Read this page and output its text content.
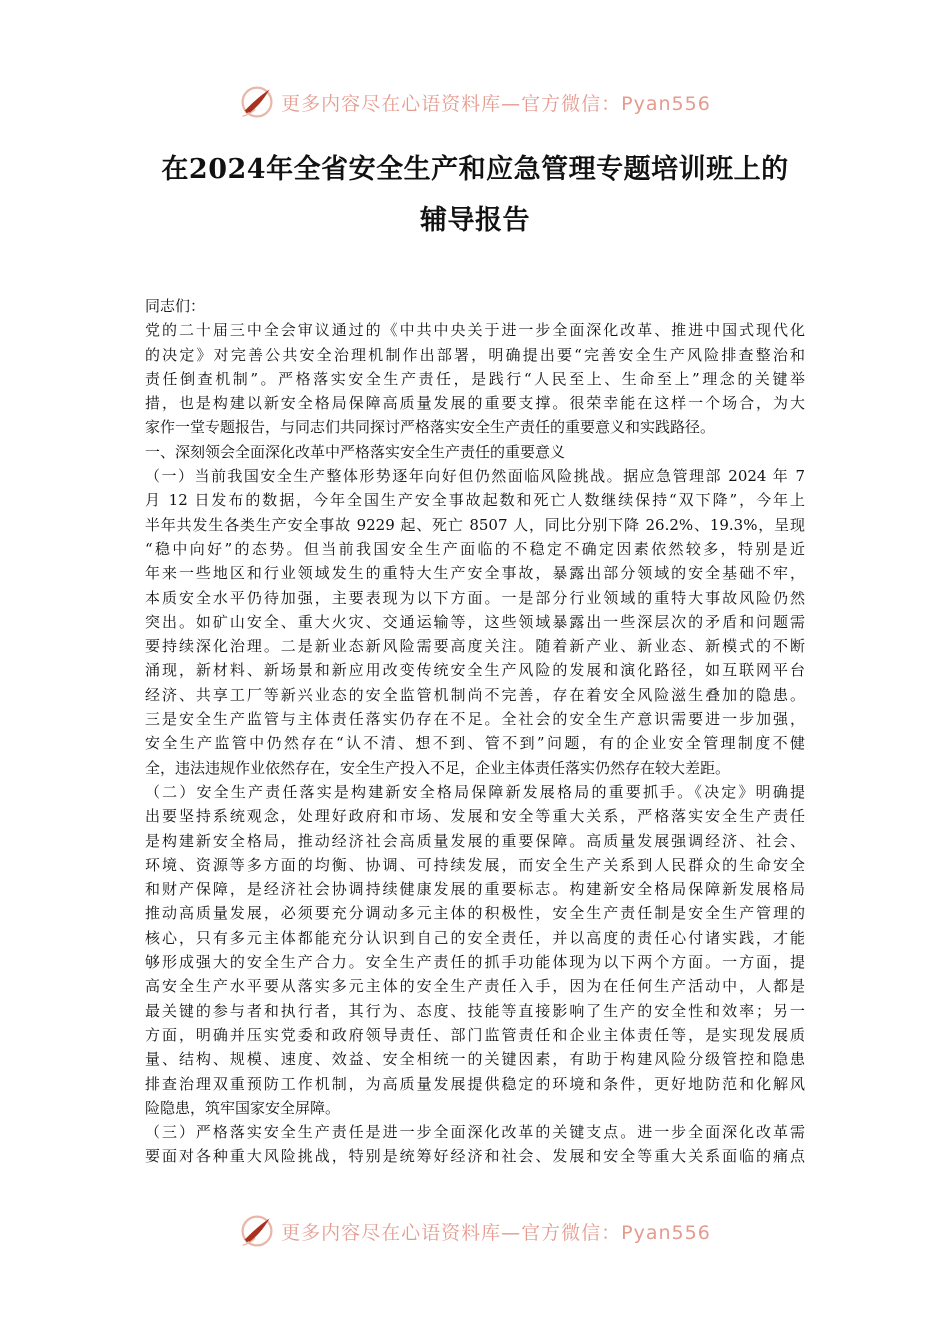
更多内容尽在心语资料库—官方微信：Pyan556
在2024年全省安全生产和应急管理专题培训班上的
辅导报告
同志们：
党的二十届三中全会审议通过的《中共中央关于进一步全面深化改革、推进中国式现代化
的决定》对完善公共安全治理机制作出部署，明确提出要“完善安全生产风险排查整治和
责任倒查机制”。严格落实安全生产责任，是践行“人民至上、生命至上”理念的关键举
措，也是构建以新安全格局保障高质量发展的重要支撑。很荣幸能在这样一个场合，为大
家作一堂专题报告，与同志们共同探讨严格落实安全生产责任的重要意义和实践路径。
一、深刻领会全面深化改革中严格落实安全生产责任的重要意义
（一）当前我国安全生产整体形势逐年向好但仍然面临风险挑战。据应急管理部 2024 年 7
月 12 日发布的数据，今年全国生产安全事故起数和死亡人数继续保持“双下降”，今年上
半年共发生各类生产安全事故 9229 起、死亡 8507 人，同比分别下降 26.2%、19.3%，呈现
“稳中向好”的态势。但当前我国安全生产面临的不稳定不确定因素依然较多，特别是近
年来一些地区和行业领域发生的重特大生产安全事故，暴露出部分领域的安全基础不牢，
本质安全水平仍待加强，主要表现为以下方面。一是部分行业领域的重特大事故风险仍然
突出。如矿山安全、重大火灾、交通运输等，这些领域暴露出一些深层次的矛盾和问题需
要持续深化治理。二是新业态新风险需要高度关注。随着新产业、新业态、新模式的不断
涌现，新材料、新场景和新应用改变传统安全生产风险的发展和演化路径，如互联网平台
经济、共享工厂等新兴业态的安全监管机制尚不完善，存在着安全风险滋生叠加的隐患。
三是安全生产监管与主体责任落实仍存在不足。全社会的安全生产意识需要进一步加强，
安全生产监管中仍然存在“认不清、想不到、管不到”问题，有的企业安全管理制度不健
全，违法违规作业依然存在，安全生产投入不足，企业主体责任落实仍然存在较大差距。
（二）安全生产责任落实是构建新安全格局保障新发展格局的重要抓手。《决定》明确提
出要坚持系统观念，处理好政府和市场、发展和安全等重大关系，严格落实安全生产责任
是构建新安全格局，推动经济社会高质量发展的重要保障。高质量发展强调经济、社会、
环境、资源等多方面的均衡、协调、可持续发展，而安全生产关系到人民群众的生命安全
和财产保障，是经济社会协调持续健康发展的重要标志。构建新安全格局保障新发展格局
推动高质量发展，必须要充分调动多元主体的积极性，安全生产责任制是安全生产管理的
核心，只有多元主体都能充分认识到自己的安全责任，并以高度的责任心付诸实践，才能
够形成强大的安全生产合力。安全生产责任的抓手功能体现为以下两个方面。一方面，提
高安全生产水平要从落实多元主体的安全生产责任入手，因为在任何生产活动中，人都是
最关键的参与者和执行者，其行为、态度、技能等直接影响了生产的安全性和效率；另一
方面，明确并压实党委和政府领导责任、部门监管责任和企业主体责任等，是实现发展质
量、结构、规模、速度、效益、安全相统一的关键因素，有助于构建风险分级管控和隐患
排查治理双重预防工作机制，为高质量发展提供稳定的环境和条件，更好地防范和化解风
险隐患，筑牢国家安全屏障。
（三）严格落实安全生产责任是进一步全面深化改革的关键支点。进一步全面深化改革需
要面对各种重大风险挑战，特别是统筹好经济和社会、发展和安全等重大关系面临的痛点
更多内容尽在心语资料库—官方微信：Pyan556
